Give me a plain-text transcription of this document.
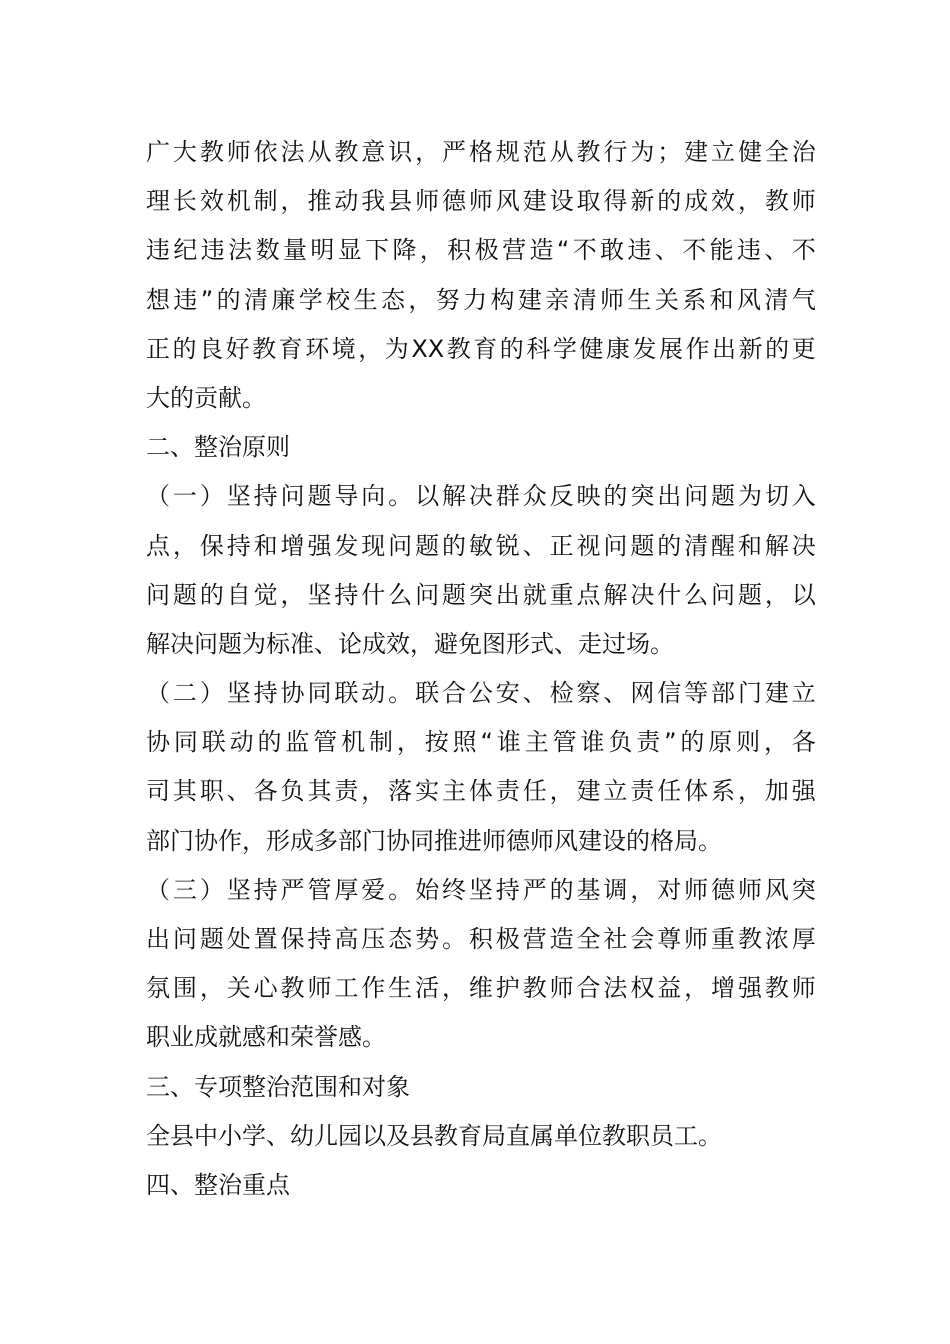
广 大 教 师 依 法 从 教 意 识 ， 严 格 规 范 从 教 行 为 ； 建 立 健 全 治
理 长 效 机 制 ， 推 动 我 县 师 德 师 风 建 设 取 得 新 的 成 效 ， 教 师
违 纪 违 法 数 量 明 显 下 降 ， 积 极 营 造 “ 不 敢 违 、 不 能 违 、 不
想 违 ” 的 清 廉 学 校 生 态 ， 努 力 构 建 亲 清 师 生 关 系 和 风 清 气
正 的 良 好 教 育 环 境 ， 为 XX 教 育 的 科 学 健 康 发 展 作 出 新 的 更
大的贡献。
二、整治原则
（ 一 ） 坚 持 问 题 导 向 。 以 解 决 群 众 反 映 的 突 出 问 题 为 切 入
点 ， 保 持 和 增 强 发 现 问 题 的 敏 锐 、 正 视 问 题 的 清 醒 和 解 决
问 题 的 自 觉 ， 坚 持 什 么 问 题 突 出 就 重 点 解 决 什 么 问 题 ， 以
解决问题为标准、论成效，避免图形式、走过场。
（ 二 ） 坚 持 协 同 联 动 。 联 合 公 安 、 检 察 、 网 信 等 部 门 建 立
协 同 联 动 的 监 管 机 制 ， 按 照 “ 谁 主 管 谁 负 责 ” 的 原 则 ， 各
司 其 职 、 各 负 其 责 ， 落 实 主 体 责 任 ， 建 立 责 任 体 系 ， 加 强
部门协作，形成多部门协同推进师德师风建设的格局。
（ 三 ） 坚 持 严 管 厚 爱 。 始 终 坚 持 严 的 基 调 ， 对 师 德 师 风 突
出 问 题 处 置 保 持 高 压 态 势 。 积 极 营 造 全 社 会 尊 师 重 教 浓 厚
氛 围 ， 关 心 教 师 工 作 生 活 ， 维 护 教 师 合 法 权 益 ， 增 强 教 师
职业成就感和荣誉感。
三、专项整治范围和对象
全县中小学、幼儿园以及县教育局直属单位教职员工。
四、整治重点
